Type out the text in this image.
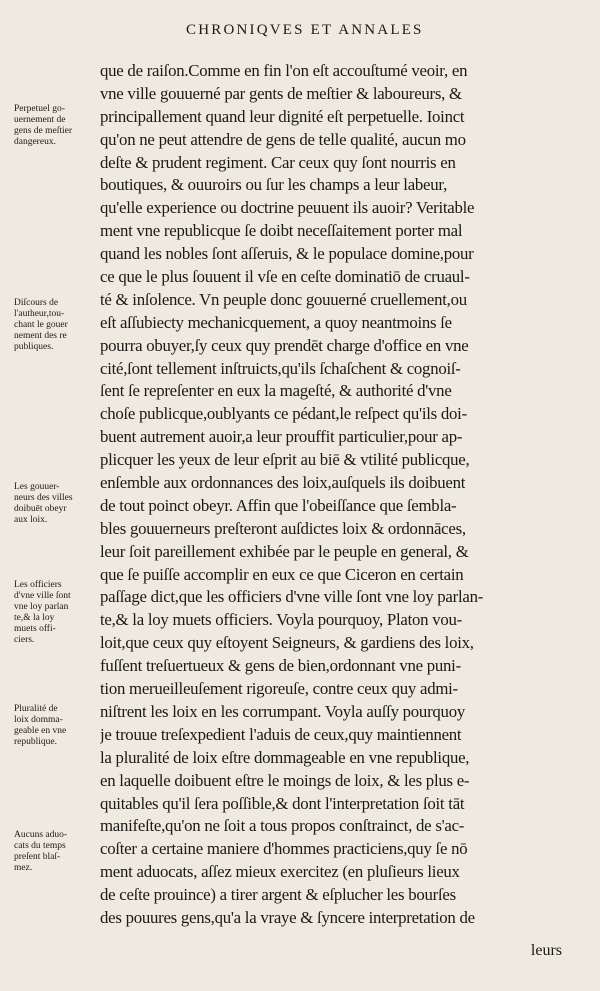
CHRONIQVES ET ANNALES
Perpetuel go-
uernement de
gens de meſtier
dangereux.
Diſcours de
l'autheur,tou-
chant le gouer
nement des re
publiques.
Les gouuer-
neurs des villes
doibuēt obeyr
aux loix.
Les officiers
d'vne ville ſont
vne loy parlan
te,& la loy
muets offi-
ciers.
Pluralité de
loix domma-
geable en vne
republique.
Aucuns aduo-
cats du temps
preſent blaſ-
mez.
que de raiſon.Comme en fin l'on eſt accouſtumé veoir, en
vne ville gouuerné par gents de meſtier & laboureurs, &
principallement quand leur dignité eſt perpetuelle. Ioinct
qu'on ne peut attendre de gens de telle qualité, aucun mo
deſte & prudent regiment. Car ceux quy ſont nourris en
boutiques, & ouuroirs ou ſur les champs a leur labeur,
qu'elle experience ou doctrine peuuent ils auoir? Veritable
ment vne republicque ſe doibt neceſſaitement porter mal
quand les nobles ſont aſſeruis, & le populace domine,pour
ce que le plus ſouuent il vſe en ceſte dominatiō de cruaul-
té & inſolence. Vn peuple donc gouuerné cruellement,ou
eſt aſſubiecty mechanicquement, a quoy neantmoins ſe
pourra obuyer,ſy ceux quy prendēt charge d'office en vne
cité,ſont tellement inſtruicts,qu'ils ſchaſchent & cognoiſ-
ſent ſe repreſenter en eux la mageſté, & authorité d'vne
choſe publicque,oublyants ce pédant,le reſpect qu'ils doi-
buent autrement auoir,a leur prouffit particulier,pour ap-
plicquer les yeux de leur eſprit au biē & vtilité publicque,
enſemble aux ordonnances des loix,auſquels ils doibuent
de tout poinct obeyr. Affin que l'obeiſſance que ſembla-
bles gouuerneurs preſteront auſdictes loix & ordonnāces,
leur ſoit pareillement exhibée par le peuple en general, &
que ſe puiſſe accomplir en eux ce que Ciceron en certain
paſſage dict,que les officiers d'vne ville ſont vne loy parlan-
te,& la loy muets officiers. Voyla pourquoy, Platon vou-
loit,que ceux quy eſtoyent Seigneurs, & gardiens des loix,
fuſſent treſuertueux & gens de bien,ordonnant vne puni-
tion merueilleuſement rigoreuſe, contre ceux quy admi-
niſtrent les loix en les corrumpant. Voyla auſſy pourquoy
je trouue treſexpedient l'aduis de ceux,quy maintiennent
la pluralité de loix eſtre dommageable en vne republique,
en laquelle doibuent eſtre le moings de loix, & les plus e-
quitables qu'il ſera poſſible,& dont l'interpretation ſoit tāt
manifeſte,qu'on ne ſoit a tous propos conſtrainct, de s'ac-
coſter a certaine maniere d'hommes practiciens,quy ſe nō
ment aduocats, aſſez mieux exercitez (en pluſieurs lieux
de ceſte prouince) a tirer argent & eſplucher les bourſes
des pouures gens,qu'a la vraye & ſyncere interpretation de
leurs
